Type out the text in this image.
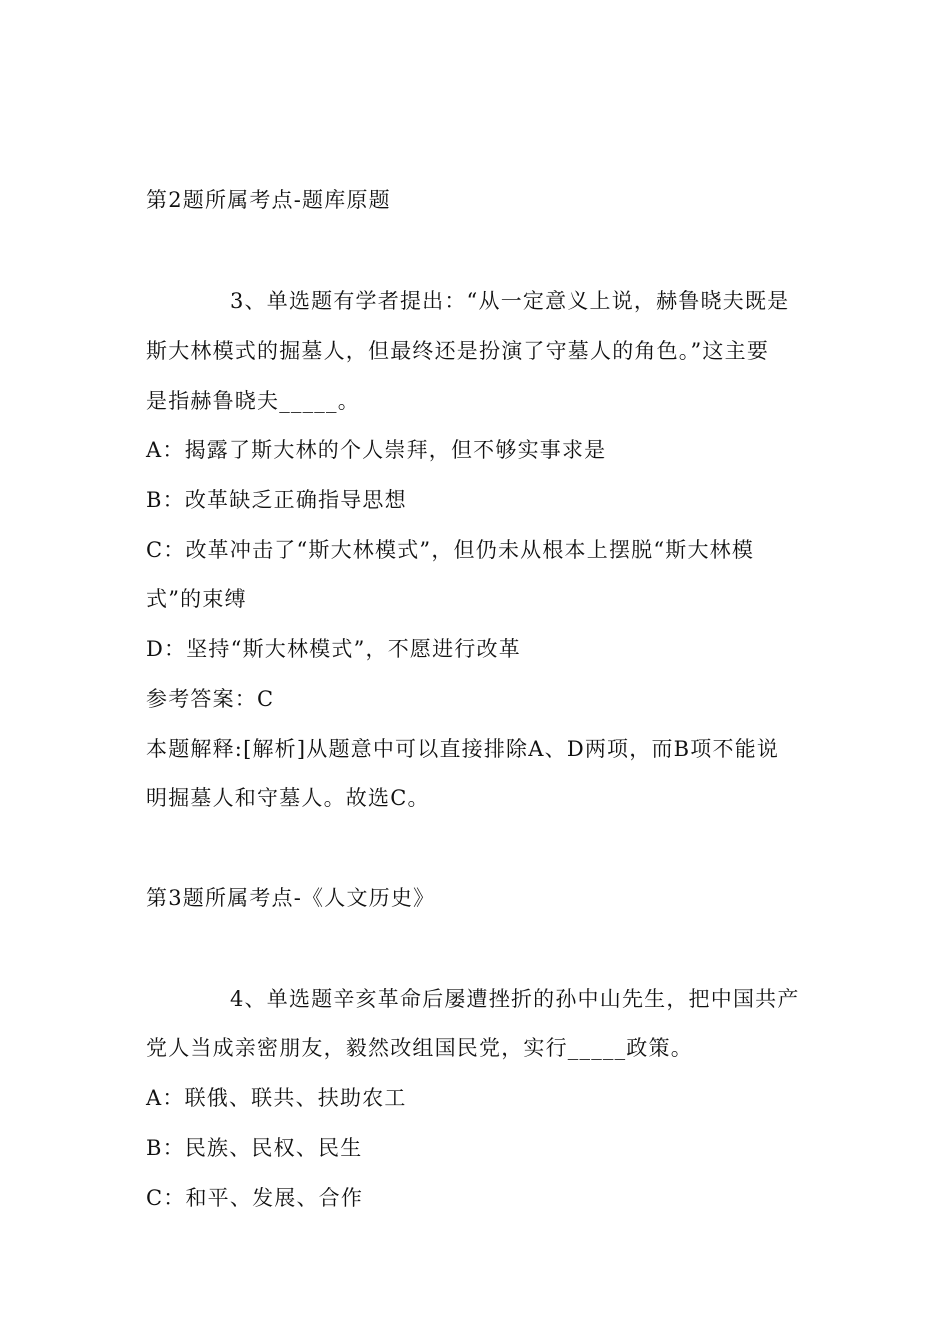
第2题所属考点-题库原题
3、单选题有学者提出：“从一定意义上说，赫鲁晓夫既是
斯大林模式的掘墓人，但最终还是扮演了守墓人的角色。”这主要
是指赫鲁晓夫_____。
A：揭露了斯大林的个人崇拜，但不够实事求是
B：改革缺乏正确指导思想
C：改革冲击了“斯大林模式”，但仍未从根本上摆脱“斯大林模
式”的束缚
D：坚持“斯大林模式”，不愿进行改革
参考答案：C
本题解释:[解析]从题意中可以直接排除A、D两项，而B项不能说
明掘墓人和守墓人。故选C。
第3题所属考点-《人文历史》
4、单选题辛亥革命后屡遭挫折的孙中山先生，把中国共产
党人当成亲密朋友，毅然改组国民党，实行_____政策。
A：联俄、联共、扶助农工
B：民族、民权、民生
C：和平、发展、合作
